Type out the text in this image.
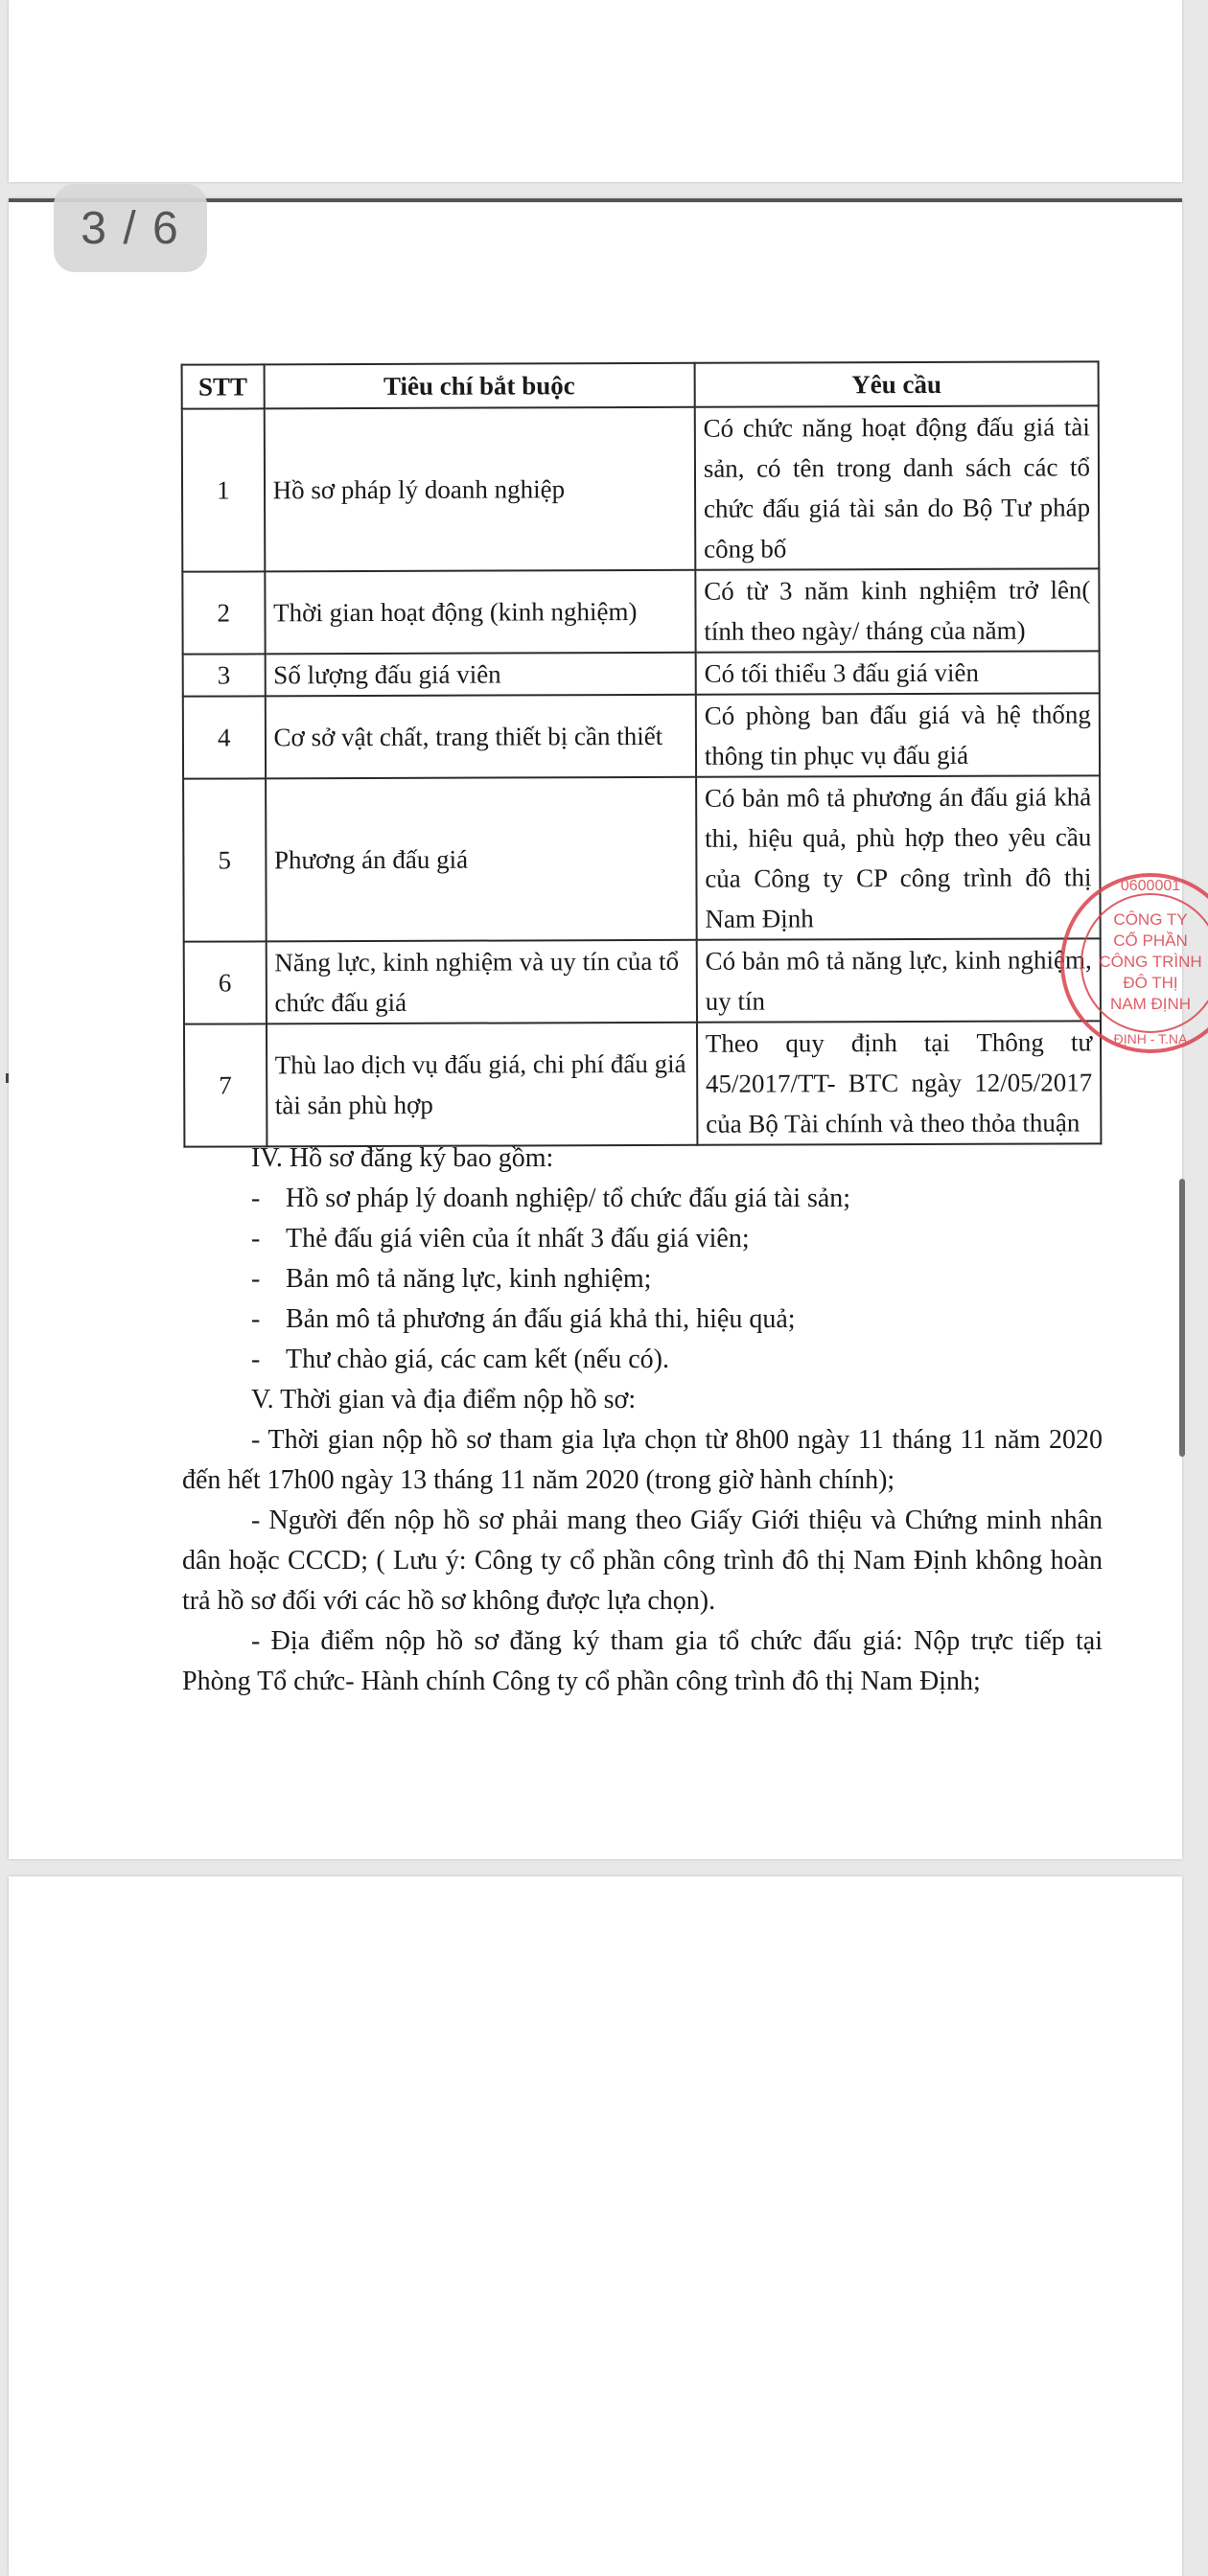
3 / 6
STT	Tiêu chí bắt buộc	Yêu cầu
1	Hồ sơ pháp lý doanh nghiệp	Có chức năng hoạt động đấu giá tài sản, có tên trong danh sách các tổ chức đấu giá tài sản do Bộ Tư pháp công bố
2	Thời gian hoạt động (kinh nghiệm)	Có từ 3 năm kinh nghiệm trở lên( tính theo ngày/ tháng của năm)
3	Số lượng đấu giá viên	Có tối thiểu 3 đấu giá viên
4	Cơ sở vật chất, trang thiết bị cần thiết	Có phòng ban đấu giá và hệ thống thông tin phục vụ đấu giá
5	Phương án đấu giá	Có bản mô tả phương án đấu giá khả thi, hiệu quả, phù hợp theo yêu cầu của Công ty CP công trình đô thị Nam Định
6	Năng lực, kinh nghiệm và uy tín của tổ chức đấu giá	Có bản mô tả năng lực, kinh nghiệm, uy tín
7	Thù lao dịch vụ đấu giá, chi phí đấu giá tài sản phù hợp	Theo quy định tại Thông tư 45/2017/TT- BTC ngày 12/05/2017 của Bộ Tài chính và theo thỏa thuận

IV. Hồ sơ đăng ký bao gồm:

- Hồ sơ pháp lý doanh nghiệp/ tổ chức đấu giá tài sản;

- Thẻ đấu giá viên của ít nhất 3 đấu giá viên;

- Bản mô tả năng lực, kinh nghiệm;

- Bản mô tả phương án đấu giá khả thi, hiệu quả;

- Thư chào giá, các cam kết (nếu có).

V. Thời gian và địa điểm nộp hồ sơ:

- Thời gian nộp hồ sơ tham gia lựa chọn từ 8h00 ngày 11 tháng 11 năm 2020 đến hết 17h00 ngày 13 tháng 11 năm 2020 (trong giờ hành chính);

- Người đến nộp hồ sơ phải mang theo Giấy Giới thiệu và Chứng minh nhân dân hoặc CCCD; ( Lưu ý: Công ty cổ phần công trình đô thị Nam Định không hoàn trả hồ sơ đối với các hồ sơ không được lựa chọn).

- Địa điểm nộp hồ sơ đăng ký tham gia tổ chức đấu giá: Nộp trực tiếp tại Phòng Tổ chức- Hành chính Công ty cổ phần công trình đô thị Nam Định;

0600001
CÔNG TY
CỔ PHẦN
CÔNG TRÌNH
ĐÔ THỊ
NAM ĐỊNH
ĐỊNH - T.NA
